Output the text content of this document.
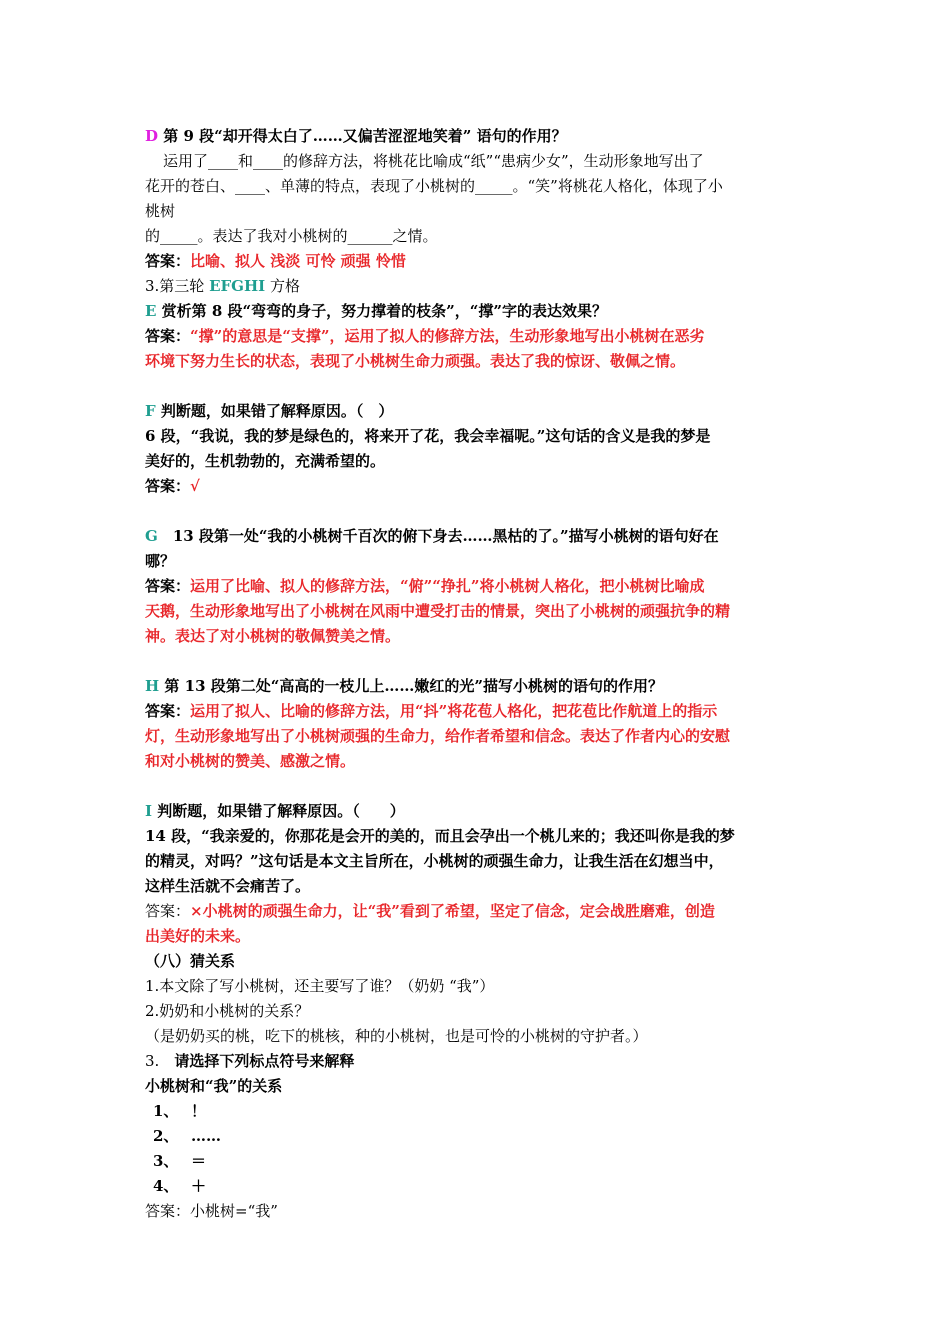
D 第 9 段“却开得太白了……又偏苦涩涩地笑着” 语句的作用？
运用了____和____的修辞方法，将桃花比喻成“纸”“患病少女”，生动形象地写出了
花开的苍白、____、单薄的特点，表现了小桃树的_____。“笑”将桃花人格化，体现了小
桃树
的_____。表达了我对小桃树的______之情。
答案：比喻、拟人 浅淡 可怜 顽强 怜惜
3.第三轮 EFGHI 方格
E 赏析第 8 段“弯弯的身子，努力撑着的枝条”，“撑”字的表达效果？
答案：“撑”的意思是“支撑”，运用了拟人的修辞方法，生动形象地写出小桃树在恶劣
环境下努力生长的状态，表现了小桃树生命力顽强。表达了我的惊讶、敬佩之情。
F 判断题，如果错了解释原因。（　）
6 段，“我说，我的梦是绿色的，将来开了花，我会幸福呢。”这句话的含义是我的梦是
美好的，生机勃勃的，充满希望的。
答案：√
G　13 段第一处“我的小桃树千百次的俯下身去……黑枯的了。”描写小桃树的语句好在
哪？
答案：运用了比喻、拟人的修辞方法，“俯”“挣扎”将小桃树人格化，把小桃树比喻成
天鹅，生动形象地写出了小桃树在风雨中遭受打击的情景，突出了小桃树的顽强抗争的精
神。表达了对小桃树的敬佩赞美之情。
H 第 13 段第二处“高高的一枝儿上……嫩红的光”描写小桃树的语句的作用？
答案：运用了拟人、比喻的修辞方法，用“抖”将花苞人格化，把花苞比作航道上的指示
灯，生动形象地写出了小桃树顽强的生命力，给作者希望和信念。表达了作者内心的安慰
和对小桃树的赞美、感激之情。
I 判断题，如果错了解释原因。（　　）
14 段，“我亲爱的，你那花是会开的美的，而且会孕出一个桃儿来的；我还叫你是我的梦
的精灵，对吗？”这句话是本文主旨所在，小桃树的顽强生命力，让我生活在幻想当中，
这样生活就不会痛苦了。
答案：×小桃树的顽强生命力，让“我”看到了希望，坚定了信念，定会战胜磨难，创造
出美好的未来。
（八）猜关系
1.本文除了写小桃树，还主要写了谁？（奶奶 “我”）
2.奶奶和小桃树的关系？
（是奶奶买的桃，吃下的桃核，种的小桃树，也是可怜的小桃树的守护者。）
3.　请选择下列标点符号来解释
小桃树和“我”的关系
1、 ！
2、 ……
3、 ＝
4、 ＋
答案：小桃树=“我”
